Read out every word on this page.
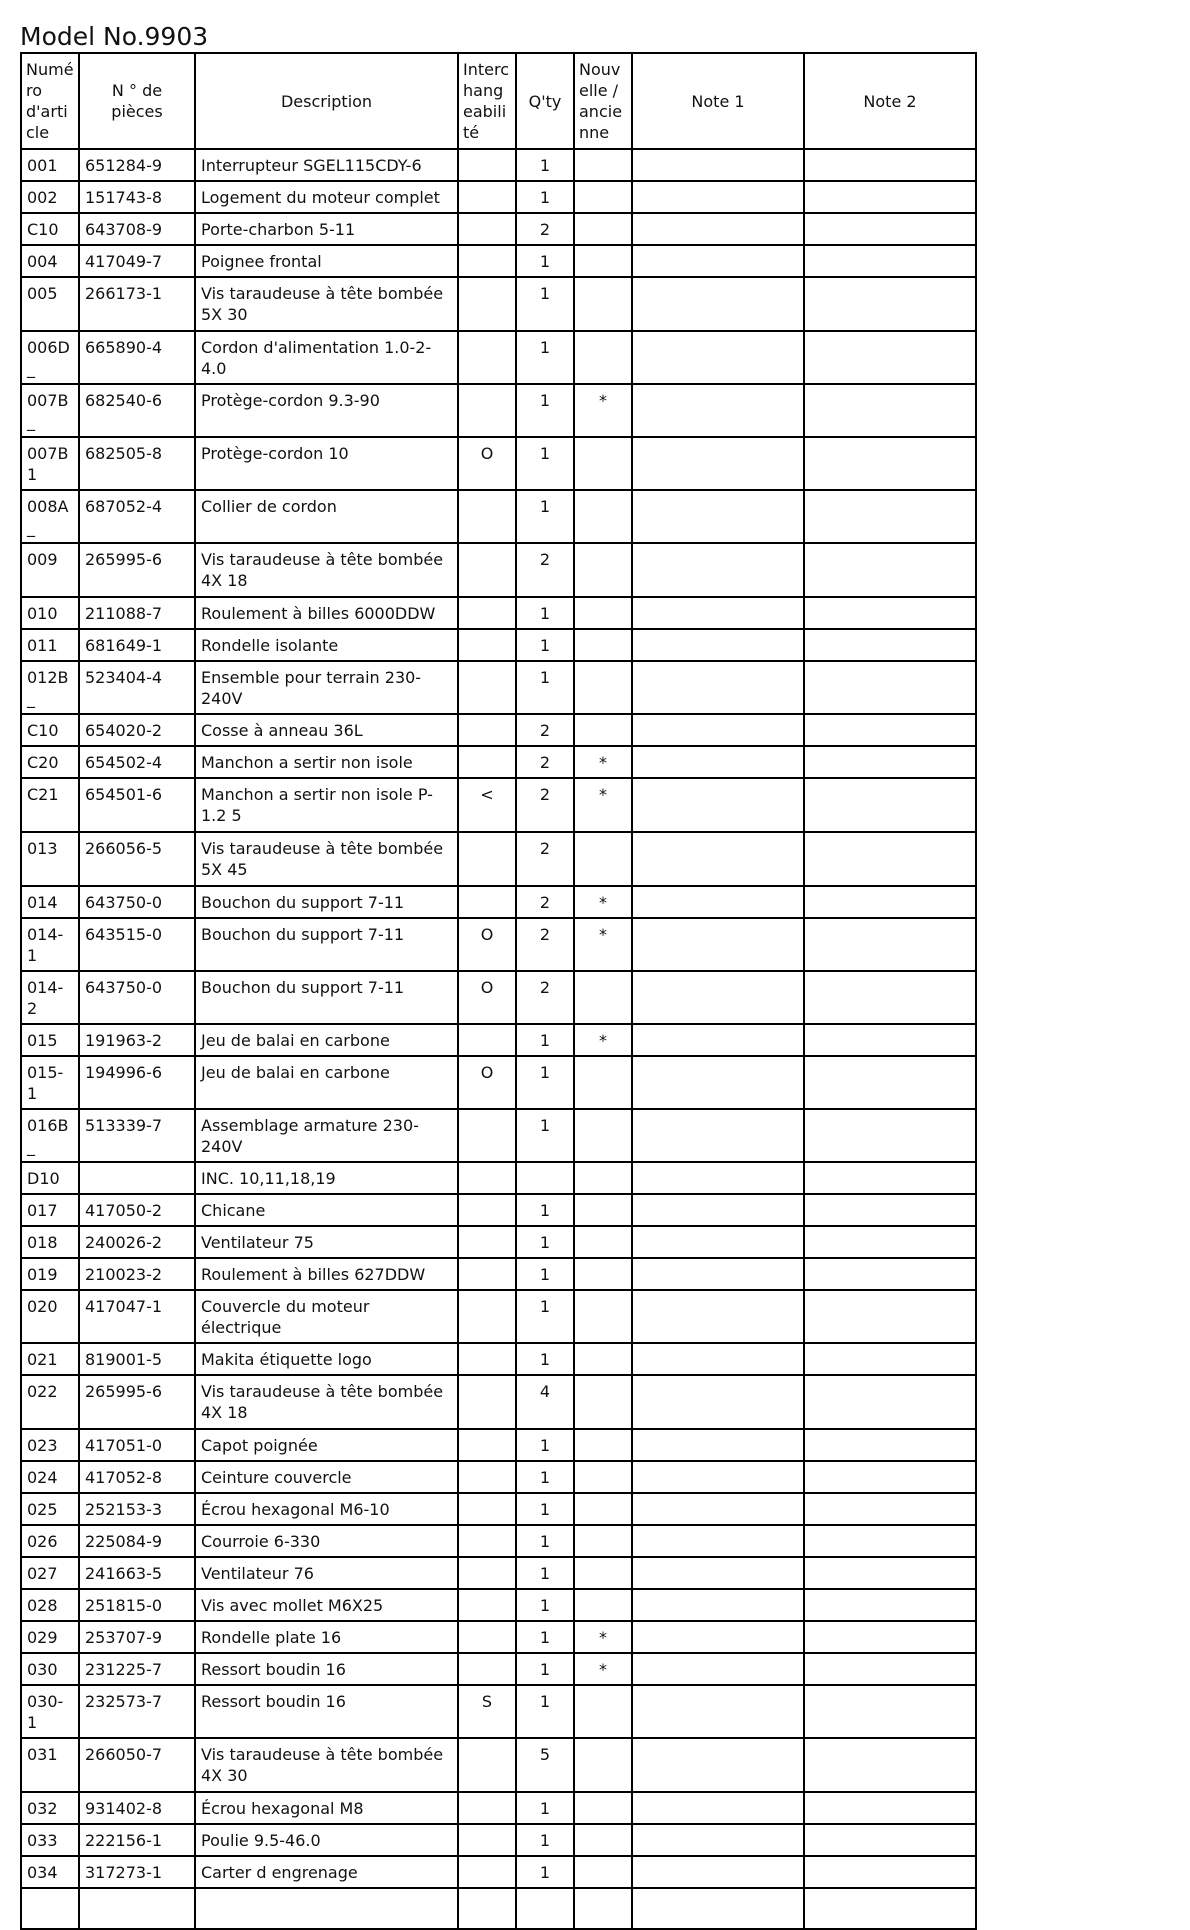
Model No.9903
Numéro d'article	N ° de pièces	Description	Interchangeabilité	Q'ty	Nouvelle / ancienne	Note 1	Note 2
001	651284-9	Interrupteur SGEL115CDY-6		1			
002	151743-8	Logement du moteur complet		1			
C10	643708-9	Porte-charbon 5-11		2			
004	417049-7	Poignee frontal		1			
005	266173-1	Vis taraudeuse à tête bombée 5X 30		1			
006D_	665890-4	Cordon d'alimentation 1.0-2-4.0		1			
007B_	682540-6	Protège-cordon 9.3-90		1	*		
007B1	682505-8	Protège-cordon 10	O	1			
008A_	687052-4	Collier de cordon		1			
009	265995-6	Vis taraudeuse à tête bombée 4X 18		2			
010	211088-7	Roulement à billes 6000DDW		1			
011	681649-1	Rondelle isolante		1			
012B_	523404-4	Ensemble pour terrain 230-240V		1			
C10	654020-2	Cosse à anneau 36L		2			
C20	654502-4	Manchon a sertir non isole		2	*		
C21	654501-6	Manchon a sertir non isole P-1.2 5	<	2	*		
013	266056-5	Vis taraudeuse à tête bombée 5X 45		2			
014	643750-0	Bouchon du support 7-11		2	*		
014-1	643515-0	Bouchon du support 7-11	O	2	*		
014-2	643750-0	Bouchon du support 7-11	O	2			
015	191963-2	Jeu de balai en carbone		1	*		
015-1	194996-6	Jeu de balai en carbone	O	1			
016B_	513339-7	Assemblage armature 230-240V		1			
D10		INC. 10,11,18,19					
017	417050-2	Chicane		1			
018	240026-2	Ventilateur 75		1			
019	210023-2	Roulement à billes 627DDW		1			
020	417047-1	Couvercle du moteur électrique		1			
021	819001-5	Makita étiquette logo		1			
022	265995-6	Vis taraudeuse à tête bombée 4X 18		4			
023	417051-0	Capot poignée		1			
024	417052-8	Ceinture couvercle		1			
025	252153-3	Écrou hexagonal M6-10		1			
026	225084-9	Courroie 6-330		1			
027	241663-5	Ventilateur 76		1			
028	251815-0	Vis avec mollet M6X25		1			
029	253707-9	Rondelle plate 16		1	*		
030	231225-7	Ressort boudin 16		1	*		
030-1	232573-7	Ressort boudin 16	S	1			
031	266050-7	Vis taraudeuse à tête bombée 4X 30		5			
032	931402-8	Écrou hexagonal M8		1			
033	222156-1	Poulie 9.5-46.0		1			
034	317273-1	Carter d engrenage		1			
